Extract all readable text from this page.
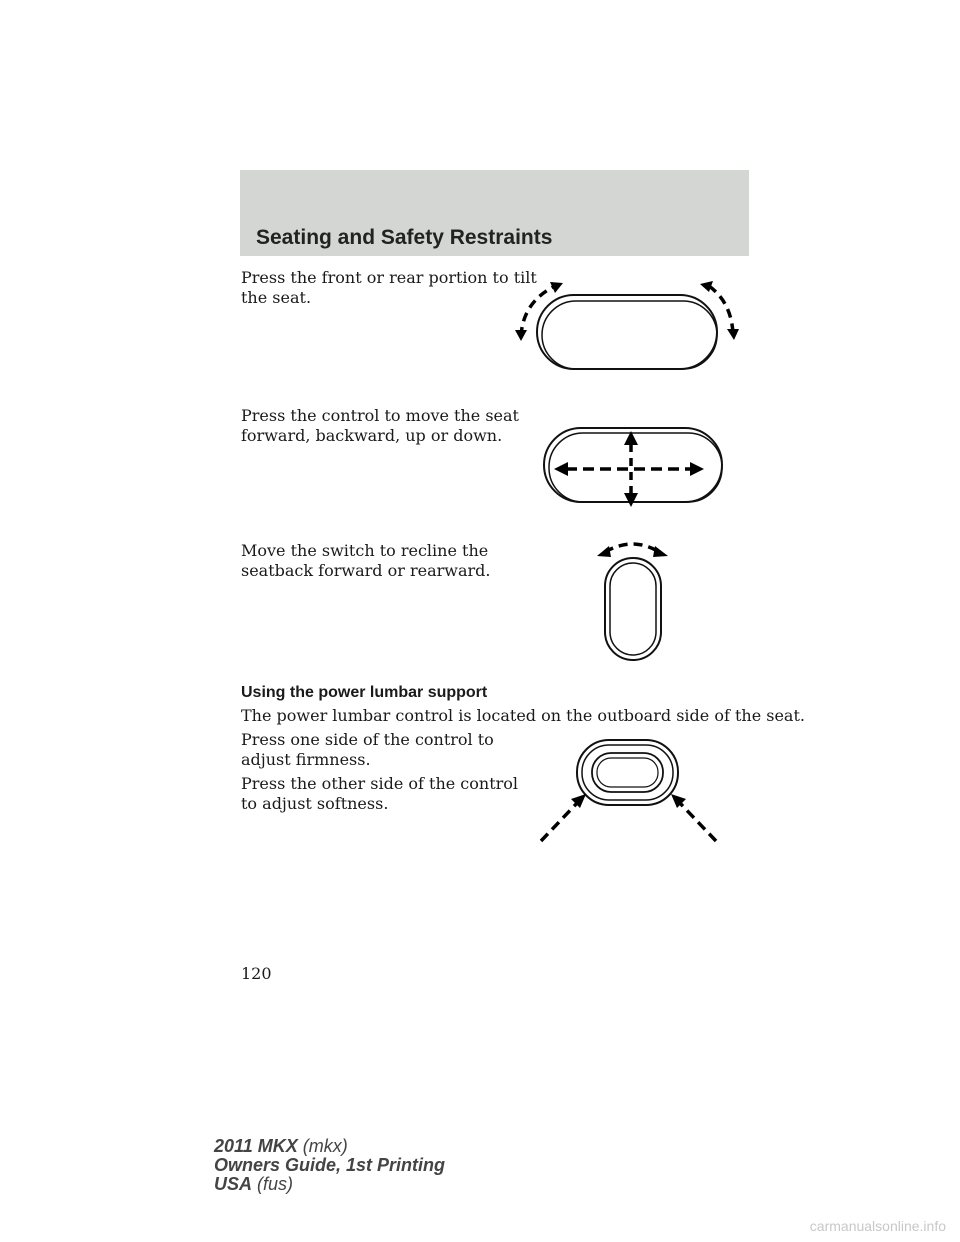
Seating and Safety Restraints
Press the front or rear portion to tilt
the seat.
Press the control to move the seat
forward, backward, up or down.
Move the switch to recline the
seatback forward or rearward.
Using the power lumbar support
The power lumbar control is located on the outboard side of the seat.
Press one side of the control to
adjust firmness.
Press the other side of the control
to adjust softness.
120
2011 MKX (mkx)
Owners Guide, 1st Printing
USA (fus)
carmanualsonline.info
